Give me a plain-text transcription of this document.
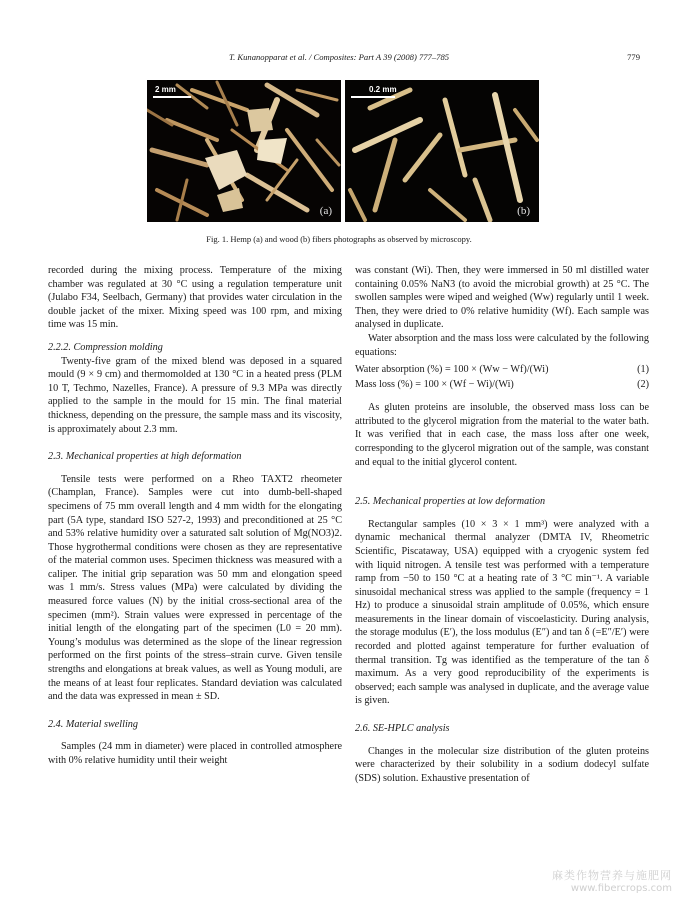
T. Kunanopparat et al. / Composites: Part A 39 (2008) 777–785	779
2 mm
(a)
0.2 mm
(b)
Fig. 1. Hemp (a) and wood (b) fibers photographs as observed by microscopy.

recorded during the mixing process. Temperature of the mixing chamber was regulated at 30 °C using a regulation temperature unit (Julabo F34, Seelbach, Germany) that provides water circulation in the double jacket of the mixer. Mixing speed was 100 rpm, and mixing time was 15 min.

2.2.2. Compression molding

Twenty-five gram of the mixed blend was deposed in a squared mould (9 × 9 cm) and thermomolded at 130 °C in a heated press (PLM 10 T, Techmo, Nazelles, France). A pressure of 9.3 MPa was directly applied to the sample in the mould for 15 min. The final material thickness, depending on the pressure, the sample mass and its viscosity, is approximately about 2.3 mm.

2.3. Mechanical properties at high deformation

Tensile tests were performed on a Rheo TAXT2 rheometer (Champlan, France). Samples were cut into dumb-bell-shaped specimens of 75 mm overall length and 4 mm width for the elongating part (5A type, standard ISO 527-2, 1993) and preconditioned at 25 °C and 53% relative humidity over a saturated salt solution of Mg(NO3)2. Those hygrothermal conditions were chosen as they are representative of the material common uses. Specimen thickness was measured with a caliper. The initial grip separation was 50 mm and elongation speed was 1 mm/s. Stress values (MPa) were calculated by dividing the measured force values (N) by the initial cross-sectional area of the specimen (mm²). Strain values were expressed in percentage of the initial length of the elongating part of the specimen (L0 = 20 mm). Young’s modulus was determined as the slope of the linear regression performed on the first points of the stress–strain curve. Given tensile strengths and elongations at break values, as well as Young moduli, are the means of at least four replicates. Standard deviation was calculated and the data was expressed in mean ± SD.

2.4. Material swelling

Samples (24 mm in diameter) were placed in controlled atmosphere with 0% relative humidity until their weight

was constant (Wi). Then, they were immersed in 50 ml distilled water containing 0.05% NaN3 (to avoid the microbial growth) at 25 °C. The swollen samples were wiped and weighed (Ww) regularly until 1 week. Then, they were dried to 0% relative humidity (Wf). Each sample was analysed in duplicate.

Water absorption and the mass loss were calculated by the following equations:

Water absorption (%) = 100 × (Ww − Wf)/(Wi)	(1)
Mass loss (%) = 100 × (Wf − Wi)/(Wi)	(2)

As gluten proteins are insoluble, the observed mass loss can be attributed to the glycerol migration from the material to the water bath. It was verified that in each case, the mass loss after one week, corresponding to the glycerol migration out of the sample, was constant and equal to the initial glycerol content.

2.5. Mechanical properties at low deformation

Rectangular samples (10 × 3 × 1 mm³) were analyzed with a dynamic mechanical thermal analyzer (DMTA IV, Rheometric Scientific, Piscataway, USA) equipped with a cryogenic system fed with liquid nitrogen. A tensile test was performed with a temperature ramp from −50 to 150 °C at a heating rate of 3 °C min⁻¹. A variable sinusoidal mechanical stress was applied to the sample (frequency = 1 Hz) to produce a sinusoidal strain amplitude of 0.05%, which ensure measurements in the linear domain of viscoelasticity. During analysis, the storage modulus (E′), the loss modulus (E″) and tan δ (=E″/E′) were recorded and plotted against temperature for further evaluation of thermal transition. Tg was identified as the temperature of the tan δ maximum. As a very good reproducibility of the experiments is observed; each sample was analysed in duplicate, and the average value is given.

2.6. SE-HPLC analysis

Changes in the molecular size distribution of the gluten proteins were characterized by their solubility in a sodium dodecyl sulfate (SDS) solution. Exhaustive presentation of

麻类作物营养与施肥网
www.fibercrops.com
